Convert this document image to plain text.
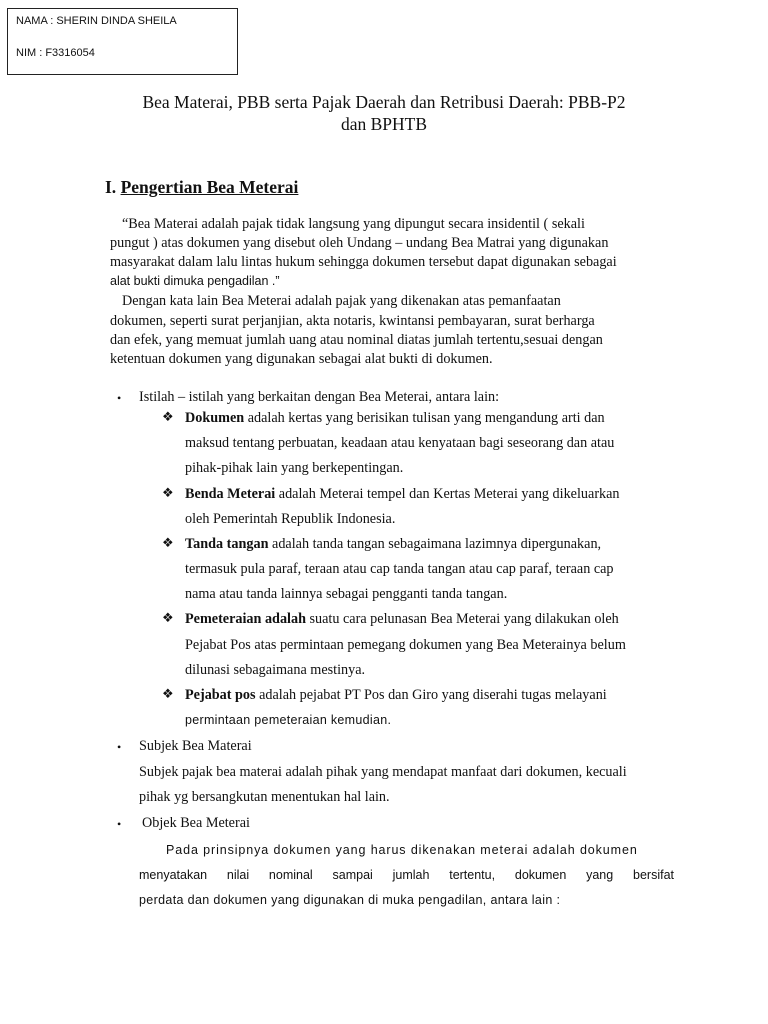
NAMA : SHERIN DINDA SHEILA
NIM : F3316054
Bea Materai, PBB serta Pajak Daerah dan Retribusi Daerah: PBB-P2
dan BPHTB
I. Pengertian Bea Meterai
“Bea Materai adalah pajak tidak langsung yang dipungut secara insidentil ( sekali
pungut ) atas dokumen yang disebut oleh Undang – undang Bea Matrai yang digunakan
masyarakat dalam lalu lintas hukum sehingga dokumen tersebut dapat digunakan sebagai
alat bukti dimuka pengadilan .”
Dengan kata lain Bea Meterai adalah pajak yang dikenakan atas pemanfaatan
dokumen, seperti surat perjanjian, akta notaris, kwintansi pembayaran, surat berharga
dan efek, yang memuat jumlah uang atau nominal diatas jumlah tertentu,sesuai dengan
ketentuan dokumen yang digunakan sebagai alat bukti di dokumen.
• Istilah – istilah yang berkaitan dengan Bea Meterai, antara lain:
❖ Dokumen adalah kertas yang berisikan tulisan yang mengandung arti dan
maksud tentang perbuatan, keadaan atau kenyataan bagi seseorang dan atau
pihak-pihak lain yang berkepentingan.
❖ Benda Meterai adalah Meterai tempel dan Kertas Meterai yang dikeluarkan
oleh Pemerintah Republik Indonesia.
❖ Tanda tangan adalah tanda tangan sebagaimana lazimnya dipergunakan,
termasuk pula paraf, teraan atau cap tanda tangan atau cap paraf, teraan cap
nama atau tanda lainnya sebagai pengganti tanda tangan.
❖ Pemeteraian adalah suatu cara pelunasan Bea Meterai yang dilakukan oleh
Pejabat Pos atas permintaan pemegang dokumen yang Bea Meterainya belum
dilunasi sebagaimana mestinya.
❖ Pejabat pos adalah pejabat PT Pos dan Giro yang diserahi tugas melayani
permintaan pemeteraian kemudian.
• Subjek Bea Materai
Subjek pajak bea materai adalah pihak yang mendapat manfaat dari dokumen, kecuali
pihak yg bersangkutan menentukan hal lain.
• Objek Bea Meterai
Pada prinsipnya dokumen yang harus dikenakan meterai adalah dokumen
menyatakan nilai nominal sampai jumlah tertentu, dokumen yang bersifat
perdata dan dokumen yang digunakan di muka pengadilan, antara lain :
